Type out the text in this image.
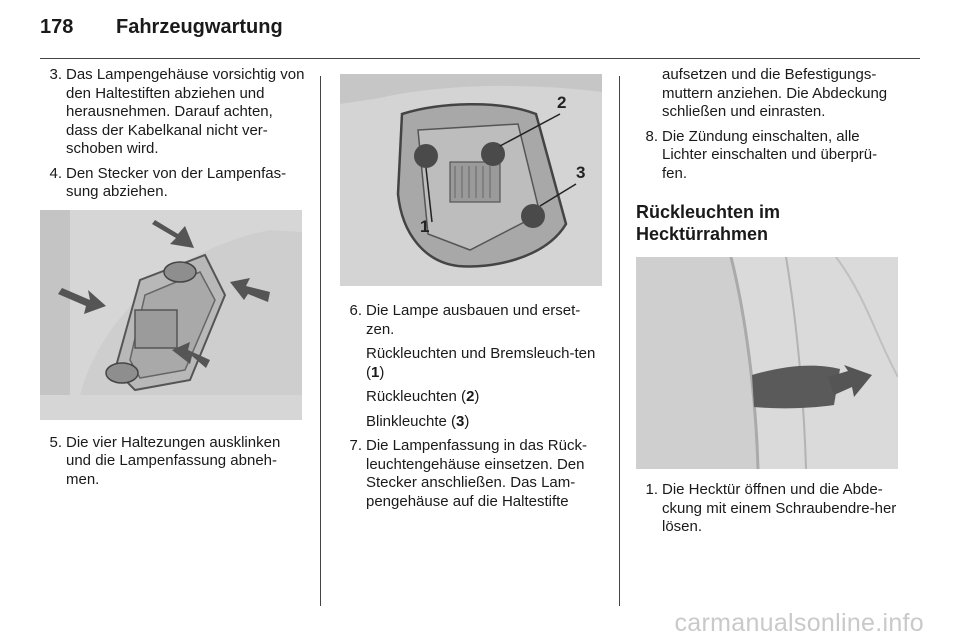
178 Fahrzeugwartung
3. Das Lampengehäuse vorsichtig von den Haltestiften abziehen und herausnehmen. Darauf achten, dass der Kabelkanal nicht ver-schoben wird.
4. Den Stecker von der Lampenfas-sung abziehen.
5. Die vier Haltezungen ausklinken und die Lampenfassung abneh-men.
1
2
3
6. Die Lampe ausbauen und erset-zen.
Rückleuchten und Bremsleuch-ten (1)
Rückleuchten (2)
Blinkleuchte (3)
7. Die Lampenfassung in das Rück-leuchtengehäuse einsetzen. Den Stecker anschließen. Das Lam-pengehäuse auf die Haltestifte
aufsetzen und die Befestigungs-muttern anziehen. Die Abdeckung schließen und einrasten.
8. Die Zündung einschalten, alle Lichter einschalten und überprü-fen.
Rückleuchten im Hecktürrahmen
1. Die Hecktür öffnen und die Abde-ckung mit einem Schraubendre-her lösen.
carmanualsonline.info
